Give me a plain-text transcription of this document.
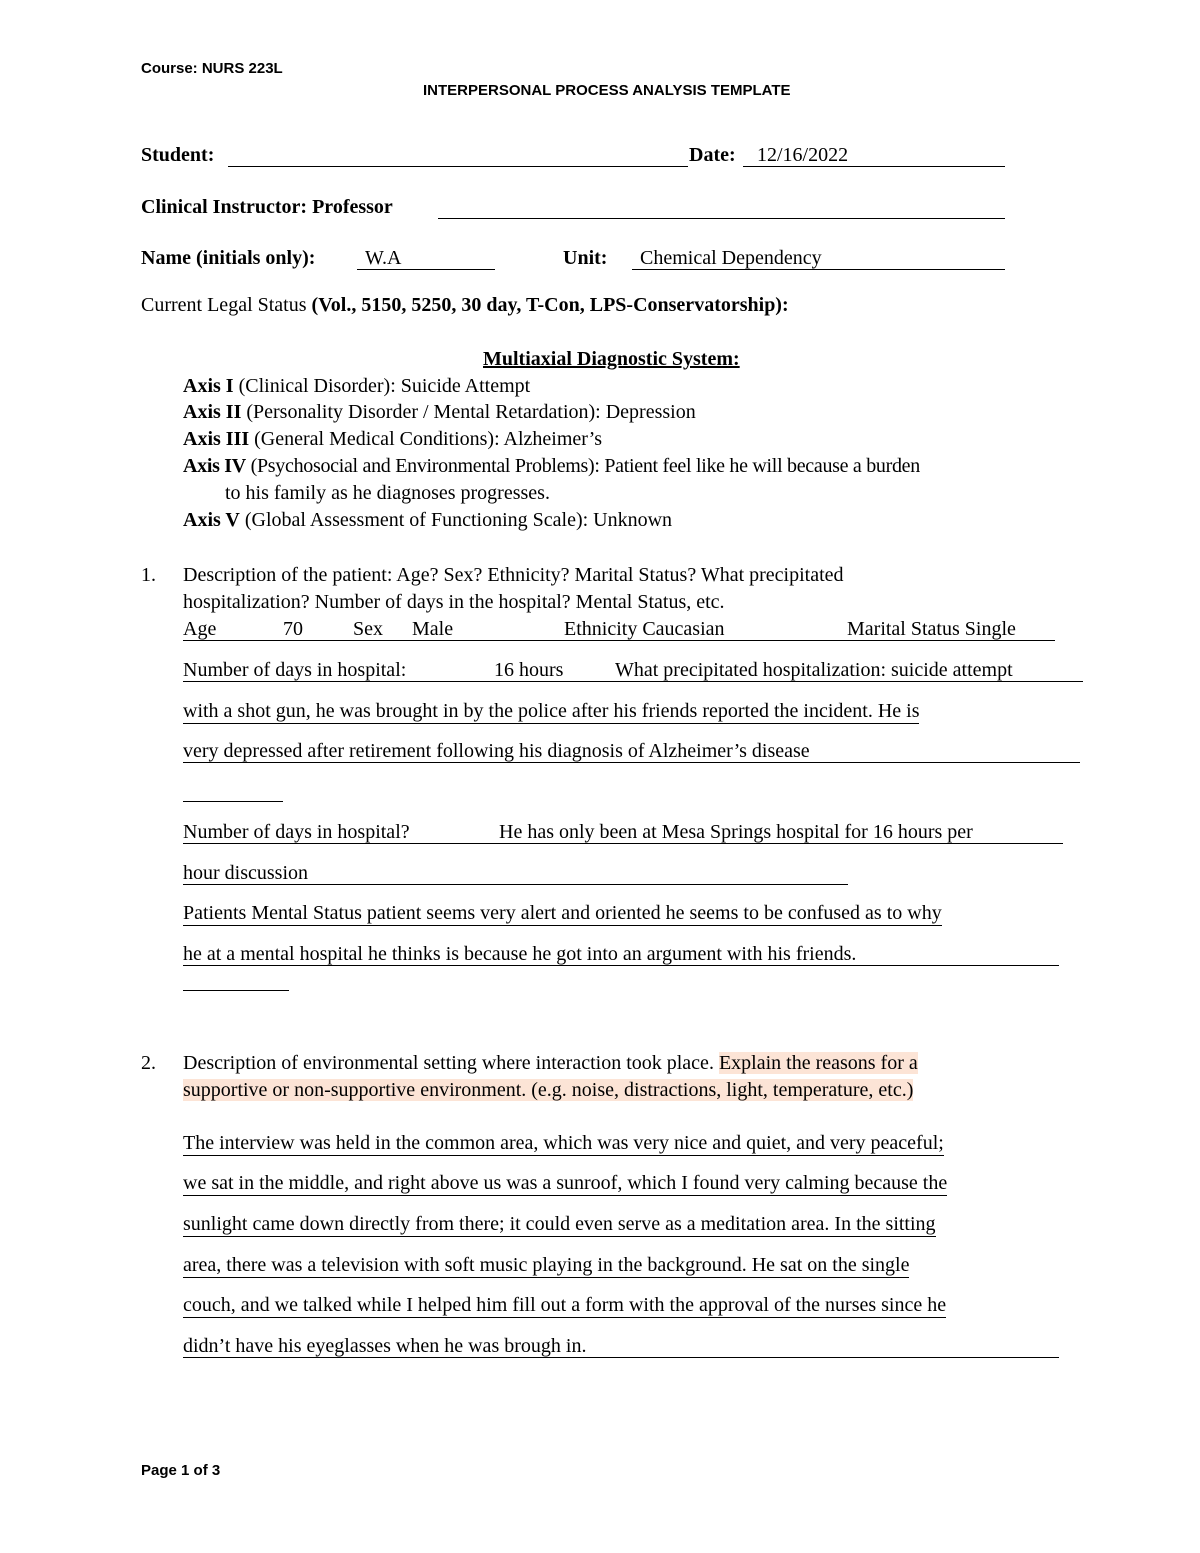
Course: NURS 223L
INTERPERSONAL PROCESS ANALYSIS TEMPLATE
Student:	Date: 12/16/2022
Clinical Instructor: Professor
Name (initials only): W.A	Unit: Chemical Dependency
Current Legal Status (Vol., 5150, 5250, 30 day, T-Con, LPS-Conservatorship):
Multiaxial Diagnostic System:
Axis I (Clinical Disorder): Suicide Attempt
Axis II (Personality Disorder / Mental Retardation): Depression
Axis III (General Medical Conditions): Alzheimer’s
Axis IV (Psychosocial and Environmental Problems): Patient feel like he will because a burden
to his family as he diagnoses progresses.
Axis V (Global Assessment of Functioning Scale): Unknown
1. Description of the patient: Age? Sex? Ethnicity? Marital Status? What precipitated
hospitalization? Number of days in the hospital? Mental Status, etc.
Age	70	Sex Male	Ethnicity Caucasian	Marital Status Single
Number of days in hospital:	16 hours	What precipitated hospitalization: suicide attempt
with a shot gun, he was brought in by the police after his friends reported the incident. He is
very depressed after retirement following his diagnosis of Alzheimer’s disease
Number of days in hospital?	He has only been at Mesa Springs hospital for 16 hours per
hour discussion
Patients Mental Status patient seems very alert and oriented he seems to be confused as to why
he at a mental hospital he thinks is because he got into an argument with his friends.
2. Description of environmental setting where interaction took place. Explain the reasons for a
supportive or non-supportive environment. (e.g. noise, distractions, light, temperature, etc.)
The interview was held in the common area, which was very nice and quiet, and very peaceful;
we sat in the middle, and right above us was a sunroof, which I found very calming because the
sunlight came down directly from there; it could even serve as a meditation area. In the sitting
area, there was a television with soft music playing in the background. He sat on the single
couch, and we talked while I helped him fill out a form with the approval of the nurses since he
didn’t have his eyeglasses when he was brough in.
Page 1 of 3
